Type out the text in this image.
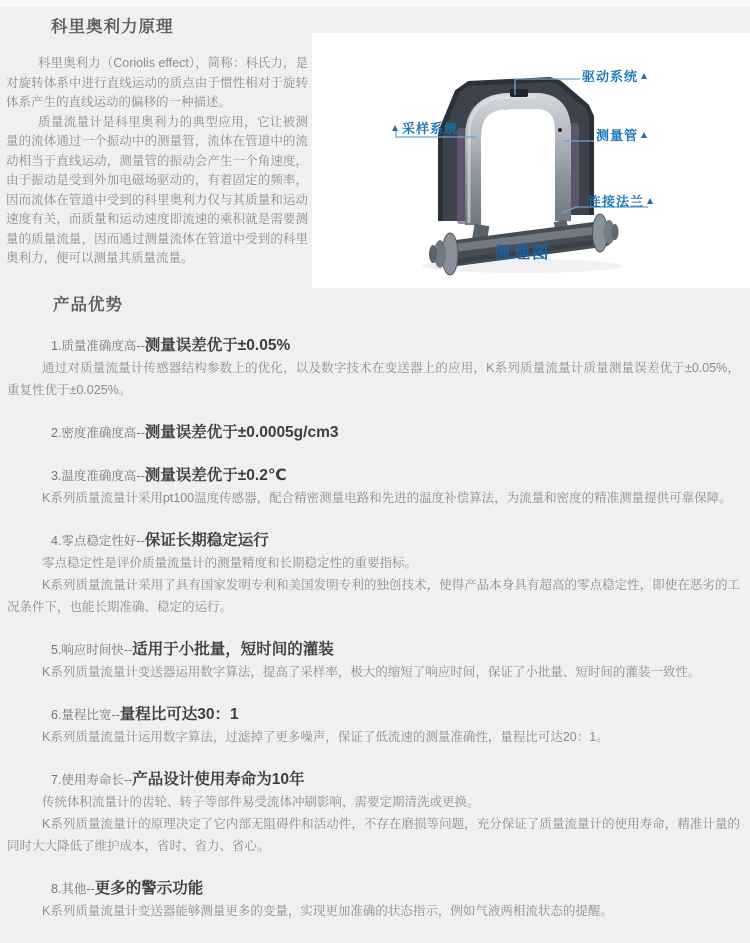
科里奥利力原理

科里奥利力（Coriolis effect），简称：科氏力，是对旋转体系中进行直线运动的质点由于惯性相对于旋转体系产生的直线运动的偏移的一种描述。

质量流量计是科里奥利力的典型应用，它让被测量的流体通过一个振动中的测量管，流体在管道中的流动相当于直线运动，测量管的振动会产生一个角速度，由于振动是受到外加电磁场驱动的，有着固定的频率，因而流体在管道中受到的科里奥利力仅与其质量和运动速度有关，而质量和运动速度即流速的乘积就是需要测量的质量流量，因而通过测量流体在管道中受到的科里奥利力，便可以测量其质量流量。

驱动系统
采样系统	测量管
连接法兰
原理图
产品优势
1.质量准确度高--测量误差优于±0.05%

通过对质量流量计传感器结构参数上的优化，以及数字技术在变送器上的应用，K系列质量流量计质量测量误差优于±0.05%，重复性优于±0.025%。

2.密度准确度高--测量误差优于±0.0005g/cm3
3.温度准确度高--测量误差优于±0.2℃

K系列质量流量计采用pt100温度传感器，配合精密测量电路和先进的温度补偿算法，为流量和密度的精准测量提供可靠保障。

4.零点稳定性好--保证长期稳定运行

零点稳定性是评价质量流量计的测量精度和长期稳定性的重要指标。

K系列质量流量计采用了具有国家发明专利和美国发明专利的独创技术，使得产品本身具有超高的零点稳定性，即使在恶劣的工况条件下，也能长期准确、稳定的运行。

5.响应时间快--适用于小批量，短时间的灌装

K系列质量流量计变送器运用数字算法，提高了采样率，极大的缩短了响应时间，保证了小批量、短时间的灌装一致性。

6.量程比宽--量程比可达30：1

K系列质量流量计运用数字算法，过滤掉了更多噪声，保证了低流速的测量准确性，量程比可达20：1。

7.使用寿命长--产品设计使用寿命为10年

传统体积流量计的齿轮、转子等部件易受流体冲刷影响，需要定期清洗或更换。

K系列质量流量计的原理决定了它内部无阻碍件和活动件，不存在磨损等问题，充分保证了质量流量计的使用寿命，精准计量的同时大大降低了维护成本，省时、省力、省心。

8.其他--更多的警示功能

K系列质量流量计变送器能够测量更多的变量，实现更加准确的状态指示，例如气液两相流状态的提醒。
